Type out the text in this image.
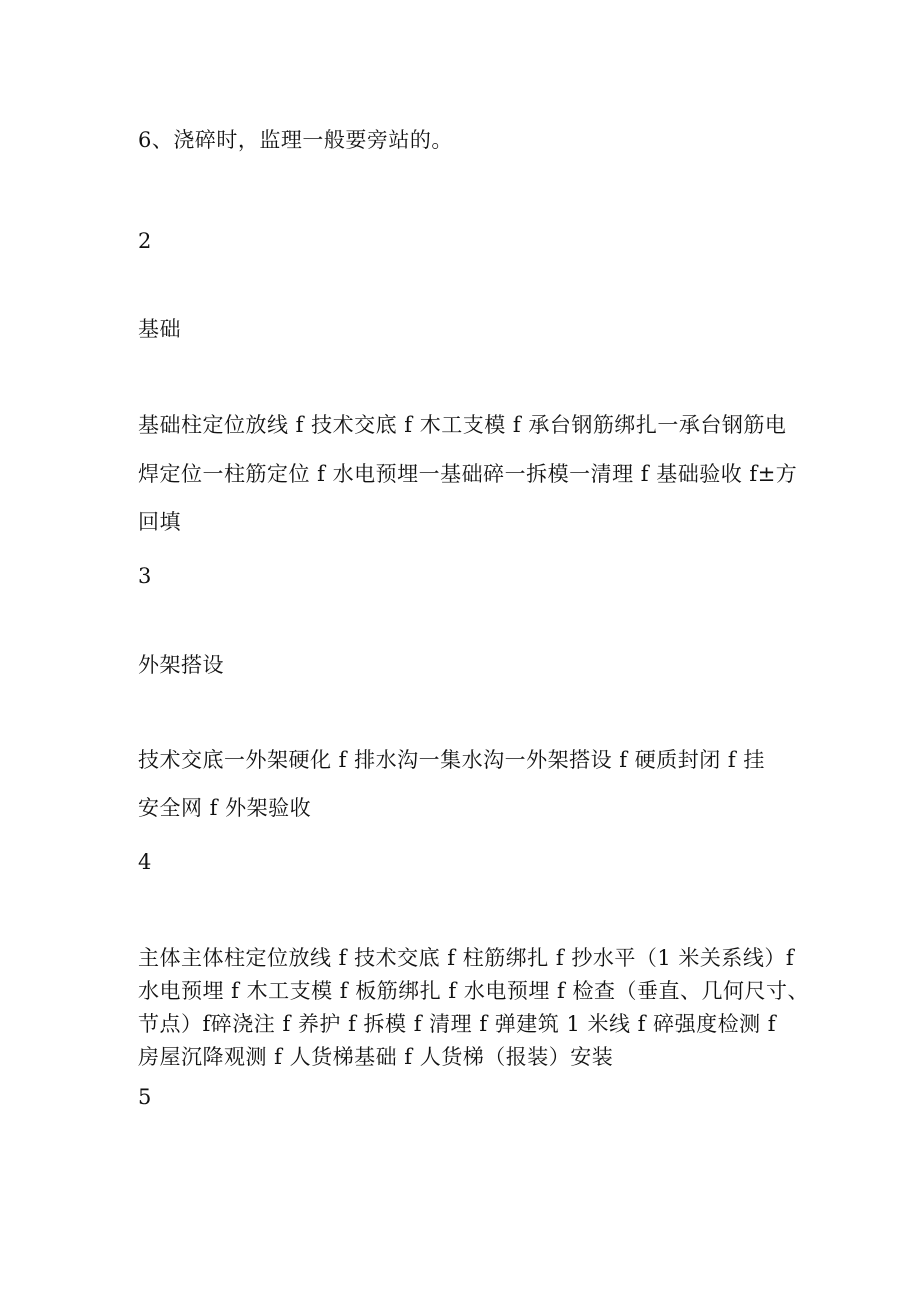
6、浇碎时，监理一般要旁站的。
2
基础
基础柱定位放线 f 技术交底 f 木工支模 f 承台钢筋绑扎一承台钢筋电
焊定位一柱筋定位 f 水电预埋一基础碎一拆模一清理 f 基础验收 f±方
回填
3
外架搭设
技术交底一外架硬化 f 排水沟一集水沟一外架搭设 f 硬质封闭 f 挂
安全网 f 外架验收
4
主体主体柱定位放线 f 技术交底 f 柱筋绑扎 f 抄水平（1 米关系线）f
水电预埋 f 木工支模 f 板筋绑扎 f 水电预埋 f 检查（垂直、几何尺寸、
节点）f碎浇注 f 养护 f 拆模 f 清理 f 弹建筑 1 米线 f 碎强度检测 f
房屋沉降观测 f 人货梯基础 f 人货梯（报装）安装
5
